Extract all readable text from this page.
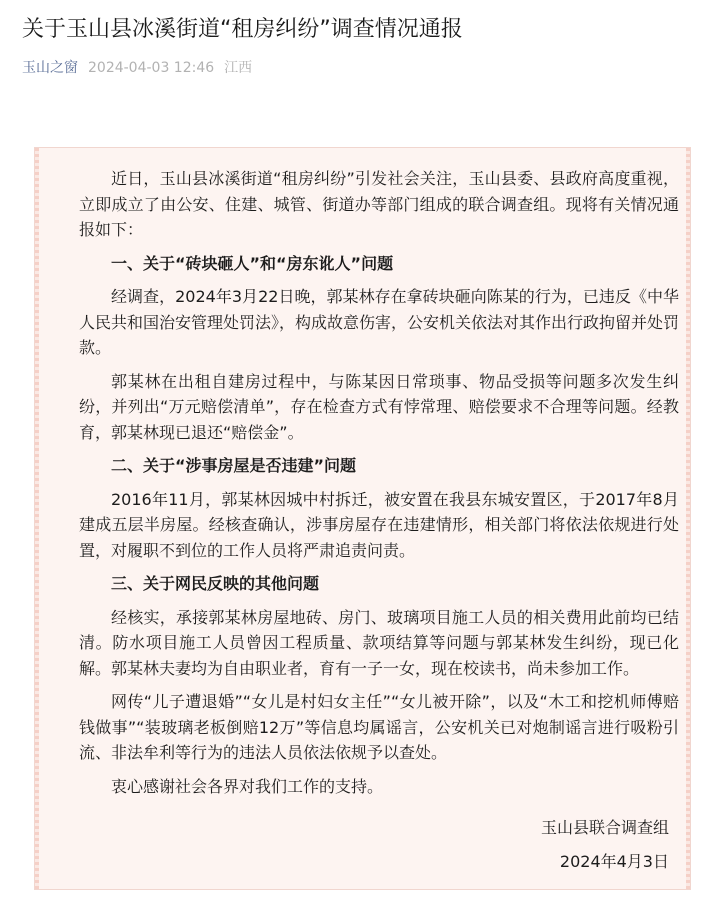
关于玉山县冰溪街道“租房纠纷”调查情况通报
玉山之窗 2024-04-03 12:46 江西

近日，玉山县冰溪街道“租房纠纷”引发社会关注，玉山县委、县政府高度重视，立即成立了由公安、住建、城管、街道办等部门组成的联合调查组。现将有关情况通报如下：

一、关于“砖块砸人”和“房东讹人”问题

经调查，2024年3月22日晚，郭某林存在拿砖块砸向陈某的行为，已违反《中华人民共和国治安管理处罚法》，构成故意伤害，公安机关依法对其作出行政拘留并处罚款。

郭某林在出租自建房过程中，与陈某因日常琐事、物品受损等问题多次发生纠纷，并列出“万元赔偿清单”，存在检查方式有悖常理、赔偿要求不合理等问题。经教育，郭某林现已退还“赔偿金”。

二、关于“涉事房屋是否违建”问题

2016年11月，郭某林因城中村拆迁，被安置在我县东城安置区，于2017年8月建成五层半房屋。经核查确认，涉事房屋存在违建情形，相关部门将依法依规进行处置，对履职不到位的工作人员将严肃追责问责。

三、关于网民反映的其他问题

经核实，承接郭某林房屋地砖、房门、玻璃项目施工人员的相关费用此前均已结清。防水项目施工人员曾因工程质量、款项结算等问题与郭某林发生纠纷，现已化解。郭某林夫妻均为自由职业者，育有一子一女，现在校读书，尚未参加工作。

网传“儿子遭退婚”“女儿是村妇女主任”“女儿被开除”，以及“木工和挖机师傅赔钱做事”“装玻璃老板倒赔12万”等信息均属谣言，公安机关已对炮制谣言进行吸粉引流、非法牟利等行为的违法人员依法依规予以查处。

衷心感谢社会各界对我们工作的支持。

玉山县联合调查组

2024年4月3日
